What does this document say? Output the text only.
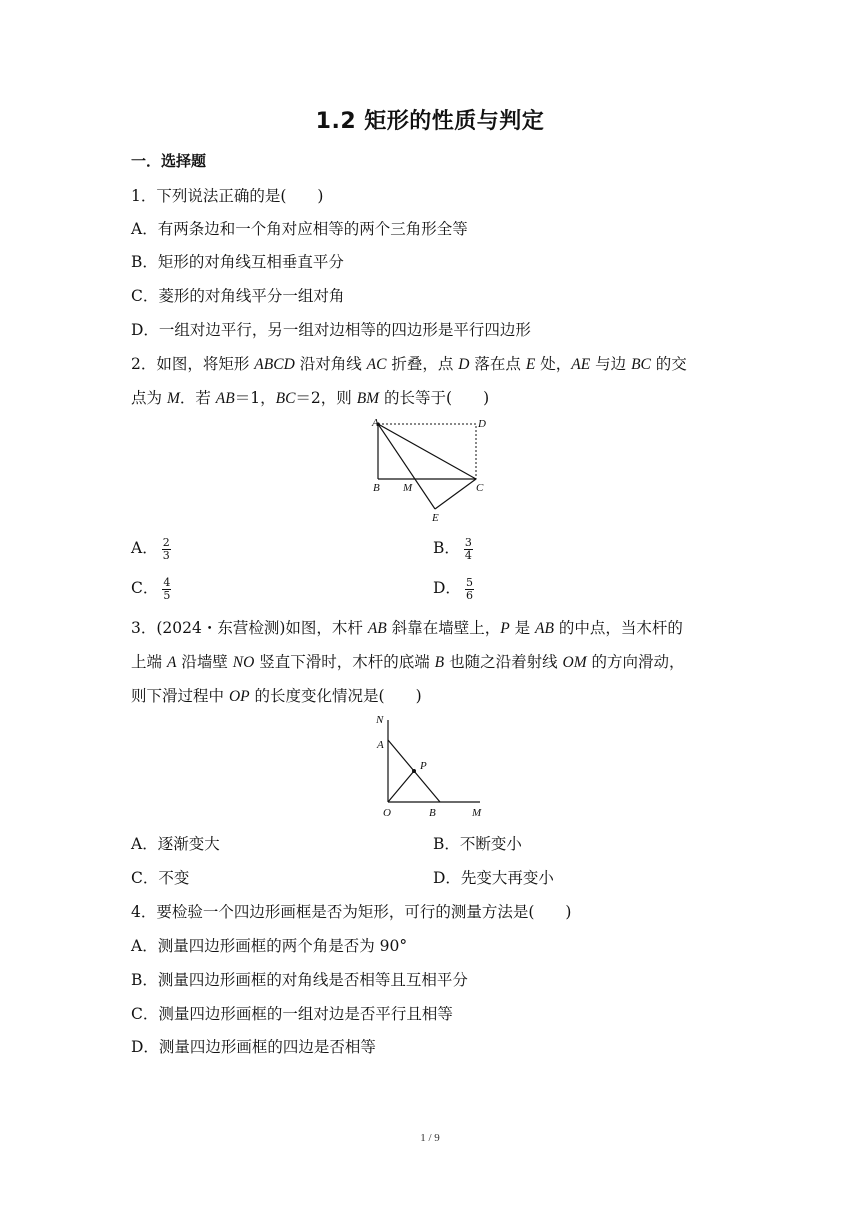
1.2 矩形的性质与判定
一．选择题
1．下列说法正确的是(　　)
A．有两条边和一个角对应相等的两个三角形全等
B．矩形的对角线互相垂直平分
C．菱形的对角线平分一组对角
D．一组对边平行，另一组对边相等的四边形是平行四边形
2．如图，将矩形 ABCD 沿对角线 AC 折叠，点 D 落在点 E 处，AE 与边 BC 的交
点为 M．若 AB＝1，BC＝2，则 BM 的长等于(　　)
A	D
B M	C
E
A． $\frac{2}{3}$	B． $\frac{3}{4}$
C． $\frac{4}{5}$	D． $\frac{5}{6}$
3．(2024・东营检测)如图，木杆 AB 斜靠在墙壁上，P 是 AB 的中点，当木杆的
上端 A 沿墙壁 NO 竖直下滑时，木杆的底端 B 也随之沿着射线 OM 的方向滑动，
则下滑过程中 OP 的长度变化情况是(　　)
N
A
P
O	B	M
A．逐渐变大	B．不断变小
C．不变	D．先变大再变小
4．要检验一个四边形画框是否为矩形，可行的测量方法是(　　)
A．测量四边形画框的两个角是否为 90°
B．测量四边形画框的对角线是否相等且互相平分
C．测量四边形画框的一组对边是否平行且相等
D．测量四边形画框的四边是否相等
1 / 9
